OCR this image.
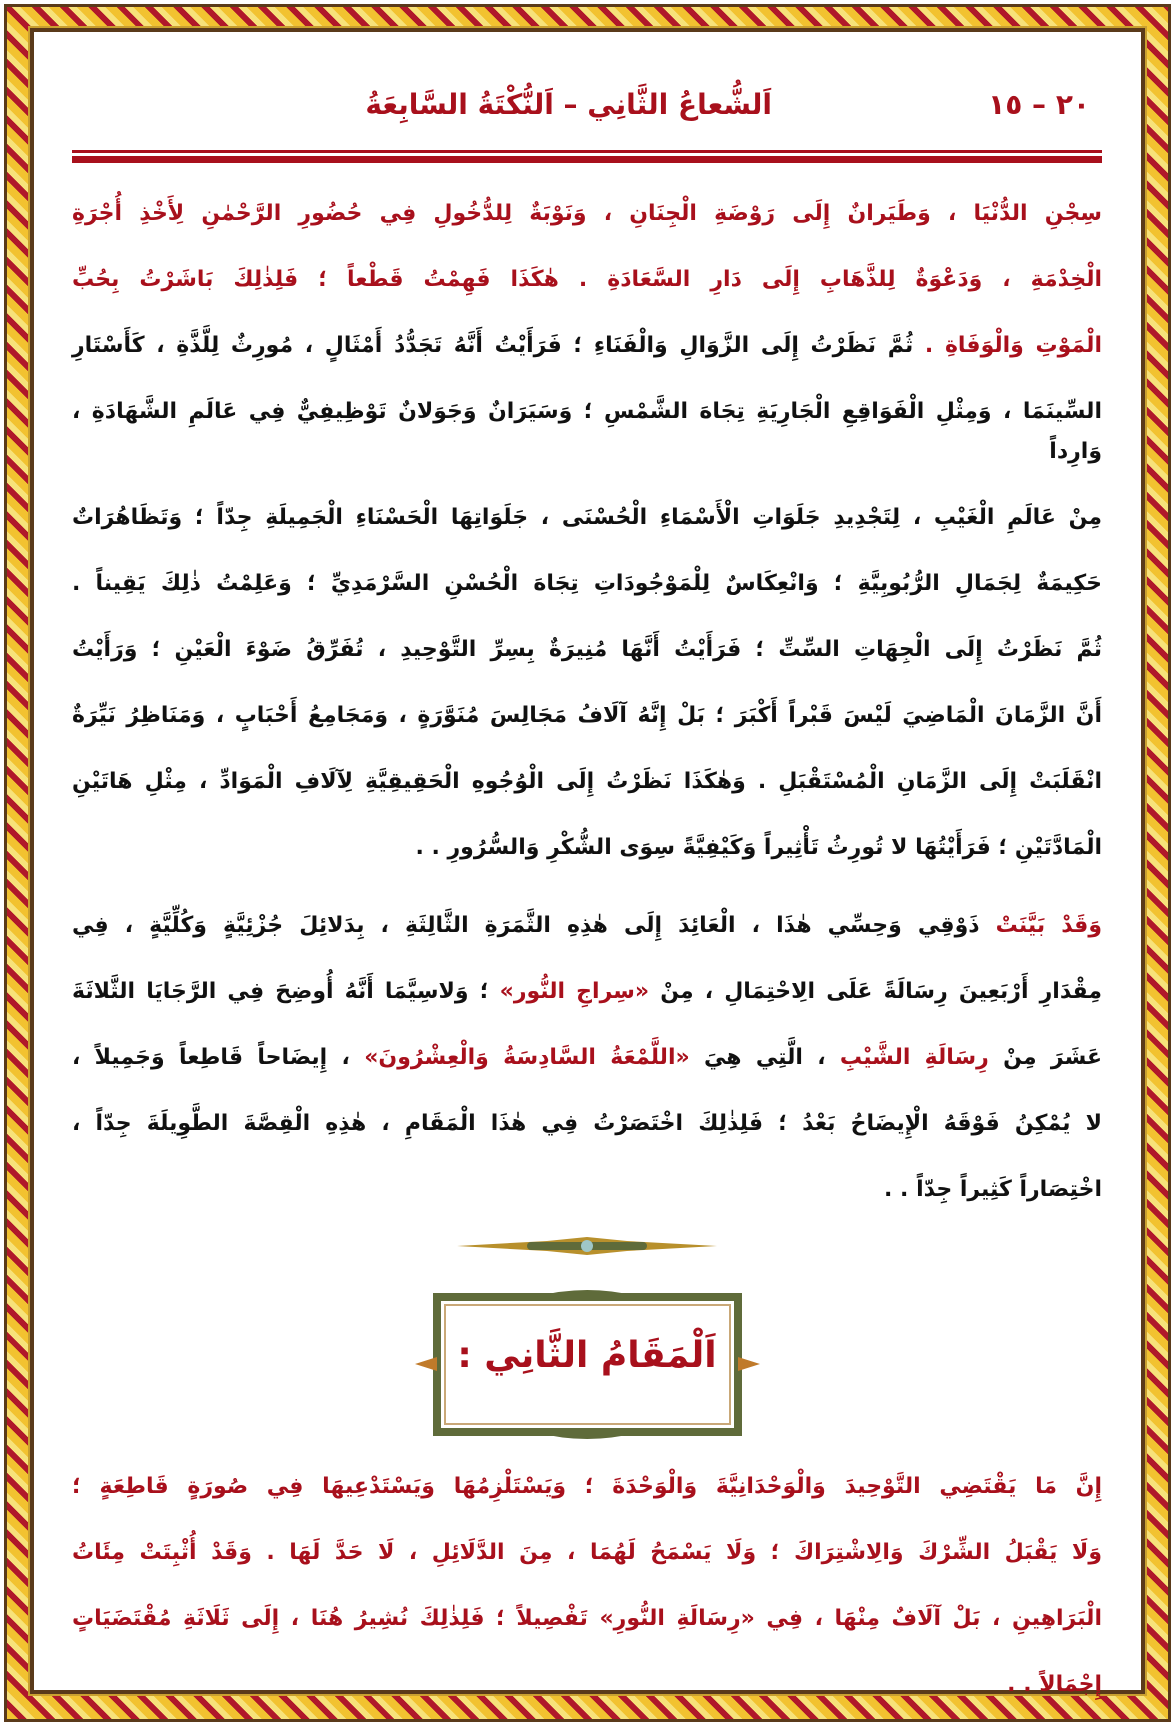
٢٠ – ١٥
اَلشُّعاعُ الثَّانِي – اَلنُّكْتَةُ السَّابِعَةُ
سِجْنِ الدُّنْيَا ، وَطَيَرانٌ إِلَى رَوْضَةِ الْجِنَانِ ، وَنَوْبَةٌ لِلدُّخُولِ فِي حُضُورِ الرَّحْمٰنِ لِأَخْذِ أُجْرَةِ
الْخِدْمَةِ ، وَدَعْوَةٌ لِلذَّهَابِ إِلَى دَارِ السَّعَادَةِ . هٰكَذَا فَهِمْتُ قَطْعاً ؛ فَلِذٰلِكَ بَاشَرْتُ بِحُبِّ
الْمَوْتِ وَالْوَفَاةِ . ثُمَّ نَظَرْتُ إِلَى الزَّوَالِ وَالْفَنَاءِ ؛ فَرَأَيْتُ أَنَّهُ تَجَدُّدُ أَمْثَالٍ ، مُورِثٌ لِلَّذَّةِ ، كَأَسْتَارِ
السِّينَمَا ، وَمِثْلِ الْفَوَاقِعِ الْجَارِيَةِ تِجَاهَ الشَّمْسِ ؛ وَسَيَرَانٌ وَجَوَلانٌ تَوْظِيفِيٌّ فِي عَالَمِ الشَّهَادَةِ ، وَارِداً
مِنْ عَالَمِ الْغَيْبِ ، لِتَجْدِيدِ جَلَوَاتِ الْأَسْمَاءِ الْحُسْنَى ، جَلَوَاتِهَا الْحَسْنَاءِ الْجَمِيلَةِ جِدّاً ؛ وَتَظَاهُرَاتٌ
حَكِيمَةٌ لِجَمَالِ الرُّبُوبِيَّةِ ؛ وَانْعِكَاسٌ لِلْمَوْجُودَاتِ تِجَاهَ الْحُسْنِ السَّرْمَدِيِّ ؛ وَعَلِمْتُ ذٰلِكَ يَقِيناً .
ثُمَّ نَظَرْتُ إِلَى الْجِهَاتِ السِّتِّ ؛ فَرَأَيْتُ أَنَّهَا مُنِيرَةٌ بِسِرِّ التَّوْحِيدِ ، تُفَرِّقُ ضَوْءَ الْعَيْنِ ؛ وَرَأَيْتُ
أَنَّ الزَّمَانَ الْمَاضِيَ لَيْسَ قَبْراً أَكْبَرَ ؛ بَلْ إِنَّهُ آلَافُ مَجَالِسَ مُنَوَّرَةٍ ، وَمَجَامِعُ أَحْبَابٍ ، وَمَنَاظِرُ نَيِّرَةٌ
انْقَلَبَتْ إِلَى الزَّمَانِ الْمُسْتَقْبَلِ . وَهٰكَذَا نَظَرْتُ إِلَى الْوُجُوهِ الْحَقِيقِيَّةِ لِآلَافِ الْمَوَادِّ ، مِثْلِ هَاتَيْنِ
الْمَادَّتَيْنِ ؛ فَرَأَيْتُهَا لا تُورِثُ تَأْثِيراً وَكَيْفِيَّةً سِوَى الشُّكْرِ وَالسُّرُورِ . .
وَقَدْ بَيَّنَتْ ذَوْقِي وَحِسِّي هٰذَا ، الْعَائِدَ إِلَى هٰذِهِ الثَّمَرَةِ الثَّالِثَةِ ، بِدَلائِلَ جُزْئِيَّةٍ وَكُلِّيَّةٍ ، فِي
مِقْدَارِ أَرْبَعِينَ رِسَالَةً عَلَى الِاحْتِمَالِ ، مِنْ «سِراجِ النُّور» ؛ وَلاسِيَّمَا أَنَّهُ أُوضِحَ فِي الرَّجَايَا الثَّلاثَةَ
عَشَرَ مِنْ رِسَالَةِ الشَّيْبِ ، الَّتِي هِيَ «اللَّمْعَةُ السَّادِسَةُ وَالْعِشْرُونَ» ، إِيضَاحاً قَاطِعاً وَجَمِيلاً ،
لا يُمْكِنُ فَوْقَهُ الْإِيضَاحُ بَعْدُ ؛ فَلِذٰلِكَ اخْتَصَرْتُ فِي هٰذَا الْمَقَامِ ، هٰذِهِ الْقِصَّةَ الطَّوِيلَةَ جِدّاً ،
اخْتِصَاراً كَثِيراً جِدّاً . .
اَلْمَقَامُ الثَّانِي :
إِنَّ مَا يَقْتَضِي التَّوْحِيدَ وَالْوَحْدَانِيَّةَ وَالْوَحْدَةَ ؛ وَيَسْتَلْزِمُهَا وَيَسْتَدْعِيهَا فِي صُورَةٍ قَاطِعَةٍ ؛
وَلَا يَقْبَلُ الشِّرْكَ وَالِاشْتِرَاكَ ؛ وَلَا يَسْمَحُ لَهُمَا ، مِنَ الدَّلَائِلِ ، لَا حَدَّ لَهَا . وَقَدْ أُثْبِتَتْ مِئَاتُ
الْبَرَاهِينِ ، بَلْ آلَافٌ مِنْهَا ، فِي «رِسَالَةِ النُّورِ» تَفْصِيلاً ؛ فَلِذٰلِكَ نُشِيرُ هُنَا ، إِلَى ثَلَاثَةِ مُقْتَضَيَاتٍ
إِجْمَالاً . .
